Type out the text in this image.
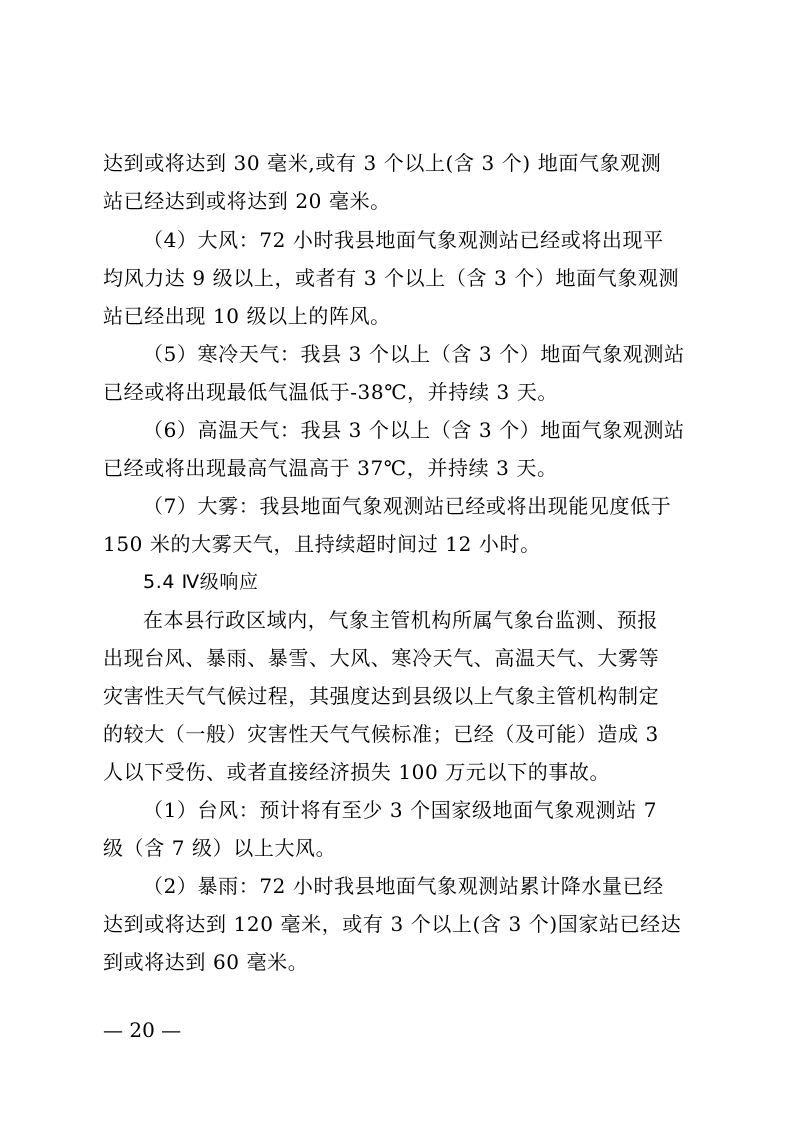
达到或将达到 30 毫米,或有 3 个以上(含 3 个) 地面气象观测
站已经达到或将达到 20 毫米。
（4）大风：72 小时我县地面气象观测站已经或将出现平
均风力达 9 级以上，或者有 3 个以上（含 3 个）地面气象观测
站已经出现 10 级以上的阵风。
（5）寒冷天气：我县 3 个以上（含 3 个）地面气象观测站
已经或将出现最低气温低于-38℃，并持续 3 天。
（6）高温天气：我县 3 个以上（含 3 个）地面气象观测站
已经或将出现最高气温高于 37℃，并持续 3 天。
（7）大雾：我县地面气象观测站已经或将出现能见度低于
150 米的大雾天气，且持续超时间过 12 小时。
5.4 Ⅳ级响应
在本县行政区域内，气象主管机构所属气象台监测、预报
出现台风、暴雨、暴雪、大风、寒冷天气、高温天气、大雾等
灾害性天气气候过程，其强度达到县级以上气象主管机构制定
的较大（一般）灾害性天气气候标准；已经（及可能）造成 3
人以下受伤、或者直接经济损失 100 万元以下的事故。
（1）台风：预计将有至少 3 个国家级地面气象观测站 7
级（含 7 级）以上大风。
（2）暴雨：72 小时我县地面气象观测站累计降水量已经
达到或将达到 120 毫米，或有 3 个以上(含 3 个)国家站已经达
到或将达到 60 毫米。
— 20 —
